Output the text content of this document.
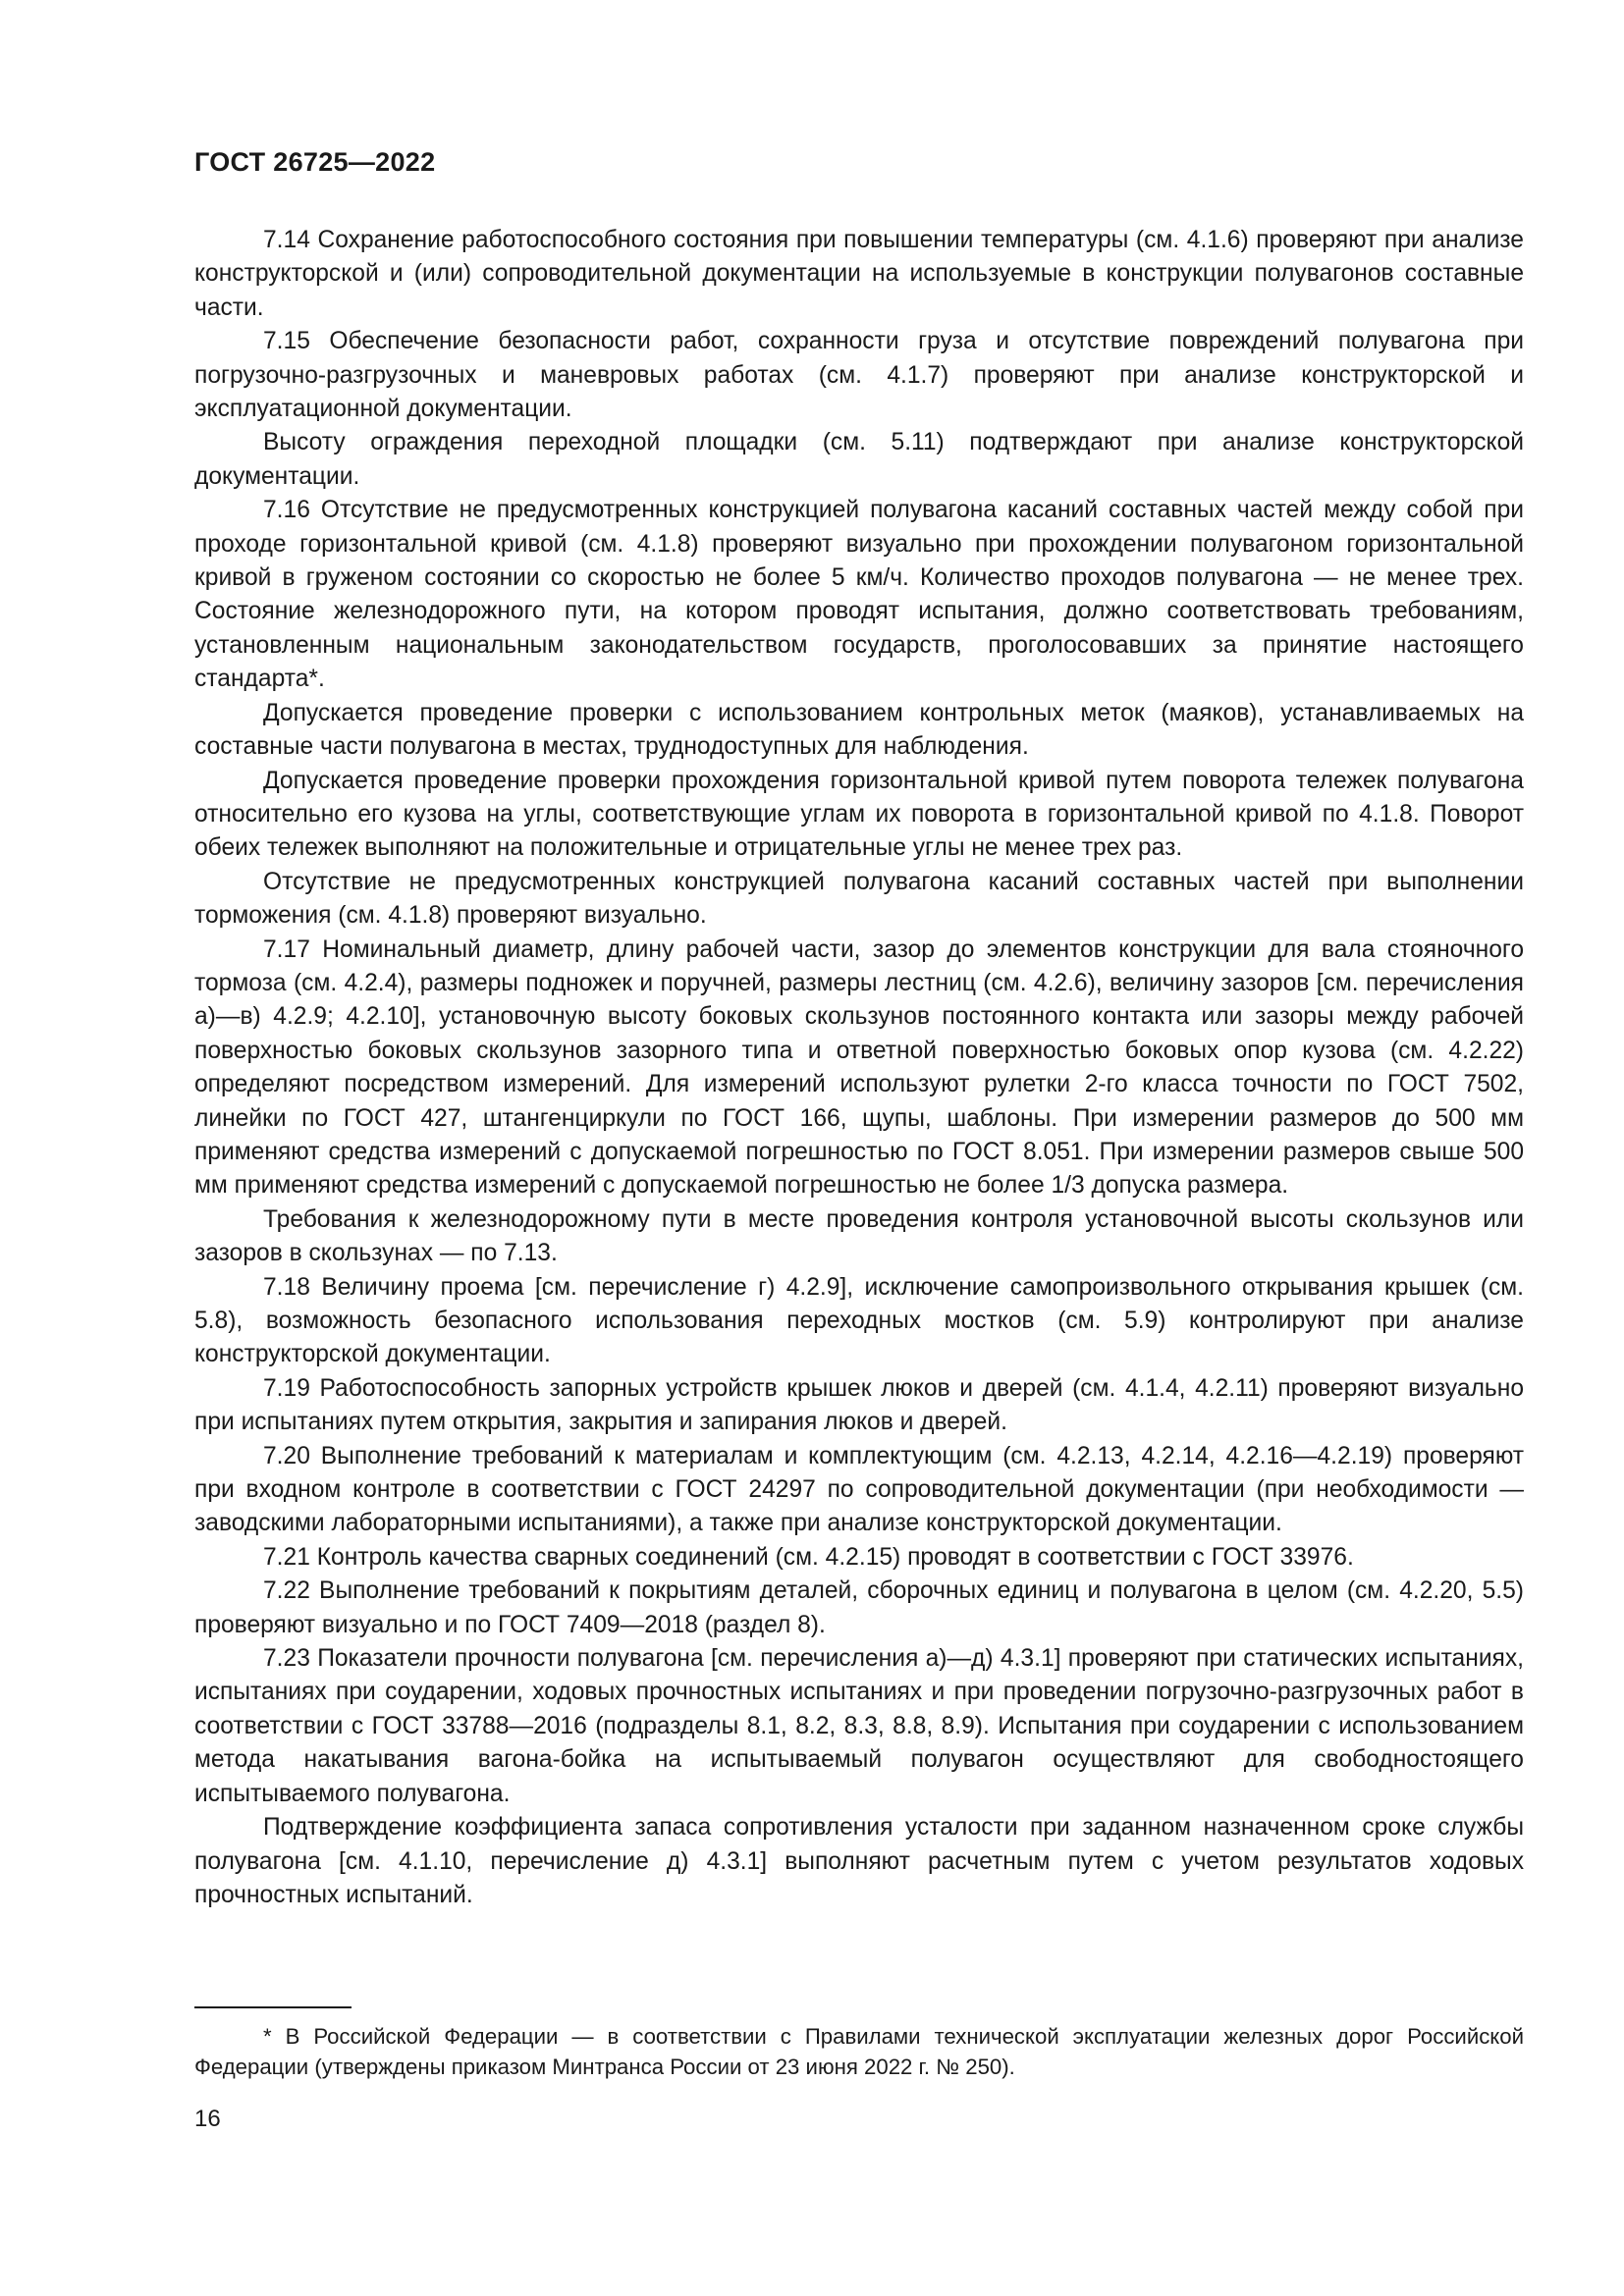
ГОСТ 26725—2022

7.14 Сохранение работоспособного состояния при повышении температуры (см. 4.1.6) проверяют при анализе конструкторской и (или) сопроводительной документации на используемые в конструкции полувагонов составные части.

7.15 Обеспечение безопасности работ, сохранности груза и отсутствие повреждений полувагона при погрузочно-разгрузочных и маневровых работах (см. 4.1.7) проверяют при анализе конструкторской и эксплуатационной документации.

Высоту ограждения переходной площадки (см. 5.11) подтверждают при анализе конструкторской документации.

7.16 Отсутствие не предусмотренных конструкцией полувагона касаний составных частей между собой при проходе горизонтальной кривой (см. 4.1.8) проверяют визуально при прохождении полувагоном горизонтальной кривой в груженом состоянии со скоростью не более 5 км/ч. Количество проходов полувагона — не менее трех. Состояние железнодорожного пути, на котором проводят испытания, должно соответствовать требованиям, установленным национальным законодательством государств, проголосовавших за принятие настоящего стандарта*.

Допускается проведение проверки с использованием контрольных меток (маяков), устанавливаемых на составные части полувагона в местах, труднодоступных для наблюдения.

Допускается проведение проверки прохождения горизонтальной кривой путем поворота тележек полувагона относительно его кузова на углы, соответствующие углам их поворота в горизонтальной кривой по 4.1.8. Поворот обеих тележек выполняют на положительные и отрицательные углы не менее трех раз.

Отсутствие не предусмотренных конструкцией полувагона касаний составных частей при выполнении торможения (см. 4.1.8) проверяют визуально.

7.17 Номинальный диаметр, длину рабочей части, зазор до элементов конструкции для вала стояночного тормоза (см. 4.2.4), размеры подножек и поручней, размеры лестниц (см. 4.2.6), величину зазоров [см. перечисления а)—в) 4.2.9; 4.2.10], установочную высоту боковых скользунов постоянного контакта или зазоры между рабочей поверхностью боковых скользунов зазорного типа и ответной поверхностью боковых опор кузова (см. 4.2.22) определяют посредством измерений. Для измерений используют рулетки 2-го класса точности по ГОСТ 7502, линейки по ГОСТ 427, штангенциркули по ГОСТ 166, щупы, шаблоны. При измерении размеров до 500 мм применяют средства измерений с допускаемой погрешностью по ГОСТ 8.051. При измерении размеров свыше 500 мм применяют средства измерений с допускаемой погрешностью не более 1/3 допуска размера.

Требования к железнодорожному пути в месте проведения контроля установочной высоты скользунов или зазоров в скользунах — по 7.13.

7.18 Величину проема [см. перечисление г) 4.2.9], исключение самопроизвольного открывания крышек (см. 5.8), возможность безопасного использования переходных мостков (см. 5.9) контролируют при анализе конструкторской документации.

7.19 Работоспособность запорных устройств крышек люков и дверей (см. 4.1.4, 4.2.11) проверяют визуально при испытаниях путем открытия, закрытия и запирания люков и дверей.

7.20 Выполнение требований к материалам и комплектующим (см. 4.2.13, 4.2.14, 4.2.16—4.2.19) проверяют при входном контроле в соответствии с ГОСТ 24297 по сопроводительной документации (при необходимости — заводскими лабораторными испытаниями), а также при анализе конструкторской документации.

7.21 Контроль качества сварных соединений (см. 4.2.15) проводят в соответствии с ГОСТ 33976.

7.22 Выполнение требований к покрытиям деталей, сборочных единиц и полувагона в целом (см. 4.2.20, 5.5) проверяют визуально и по ГОСТ 7409—2018 (раздел 8).

7.23 Показатели прочности полувагона [см. перечисления а)—д) 4.3.1] проверяют при статических испытаниях, испытаниях при соударении, ходовых прочностных испытаниях и при проведении погрузочно-разгрузочных работ в соответствии с ГОСТ 33788—2016 (подразделы 8.1, 8.2, 8.3, 8.8, 8.9). Испытания при соударении с использованием метода накатывания вагона-бойка на испытываемый полувагон осуществляют для свободностоящего испытываемого полувагона.

Подтверждение коэффициента запаса сопротивления усталости при заданном назначенном сроке службы полувагона [см. 4.1.10, перечисление д) 4.3.1] выполняют расчетным путем с учетом результатов ходовых прочностных испытаний.

* В Российской Федерации — в соответствии с Правилами технической эксплуатации железных дорог Российской Федерации (утверждены приказом Минтранса России от 23 июня 2022 г. № 250).

16
